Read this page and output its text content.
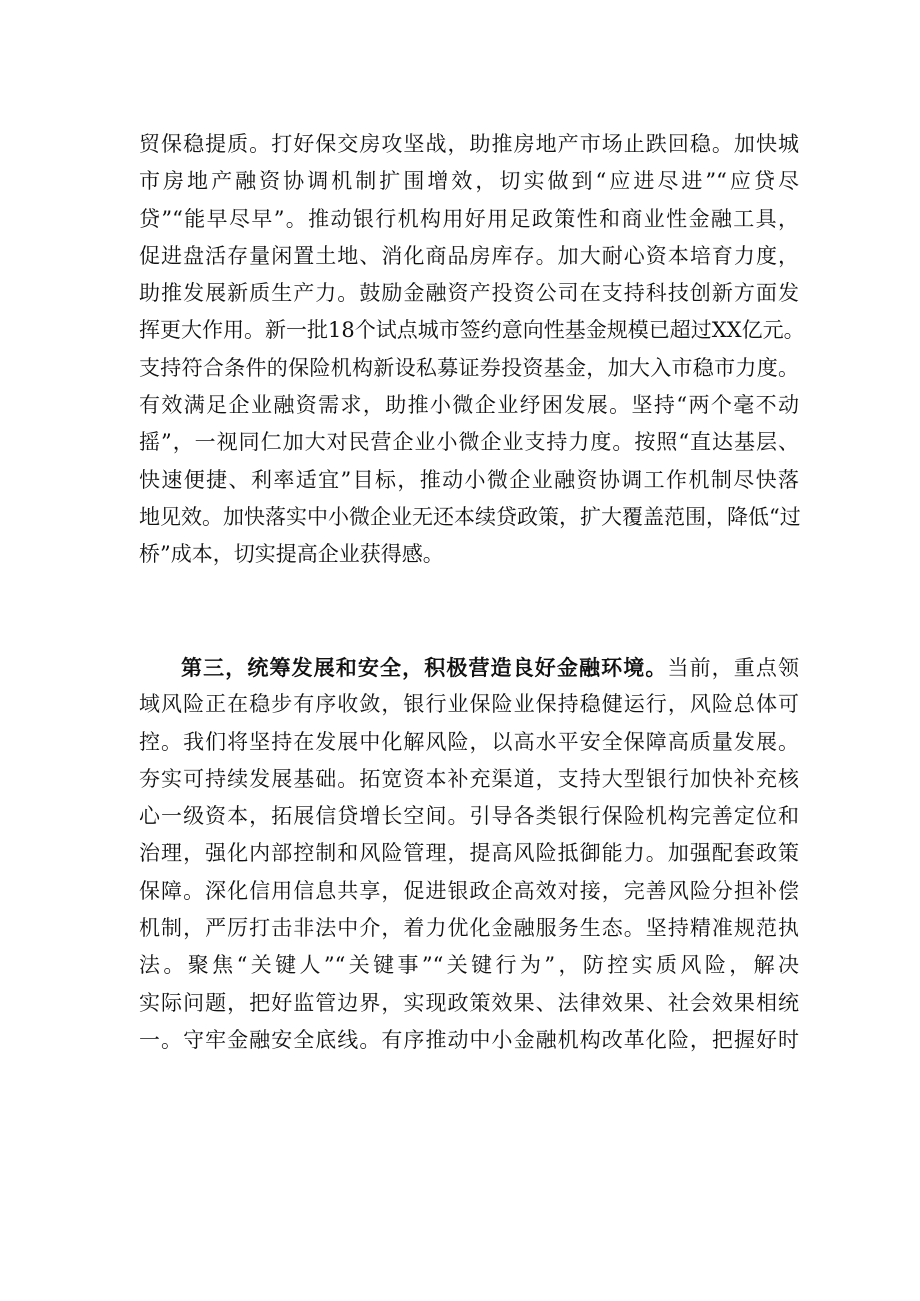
贸保稳提质。打好保交房攻坚战，助推房地产市场止跌回稳。加快城
市房地产融资协调机制扩围增效，切实做到“应进尽进”“应贷尽
贷”“能早尽早”。推动银行机构用好用足政策性和商业性金融工具，
促进盘活存量闲置土地、消化商品房库存。加大耐心资本培育力度，
助推发展新质生产力。鼓励金融资产投资公司在支持科技创新方面发
挥更大作用。新一批18个试点城市签约意向性基金规模已超过XX亿元。
支持符合条件的保险机构新设私募证券投资基金，加大入市稳市力度。
有效满足企业融资需求，助推小微企业纾困发展。坚持“两个毫不动
摇”，一视同仁加大对民营企业小微企业支持力度。按照“直达基层、
快速便捷、利率适宜”目标，推动小微企业融资协调工作机制尽快落
地见效。加快落实中小微企业无还本续贷政策，扩大覆盖范围，降低“过
桥”成本，切实提高企业获得感。
第三，统筹发展和安全，积极营造良好金融环境。当前，重点领
域风险正在稳步有序收敛，银行业保险业保持稳健运行，风险总体可
控。我们将坚持在发展中化解风险，以高水平安全保障高质量发展。
夯实可持续发展基础。拓宽资本补充渠道，支持大型银行加快补充核
心一级资本，拓展信贷增长空间。引导各类银行保险机构完善定位和
治理，强化内部控制和风险管理，提高风险抵御能力。加强配套政策
保障。深化信用信息共享，促进银政企高效对接，完善风险分担补偿
机制，严厉打击非法中介，着力优化金融服务生态。坚持精准规范执
法。聚焦“关键人”“关键事”“关键行为”，防控实质风险，解决
实际问题，把好监管边界，实现政策效果、法律效果、社会效果相统
一。守牢金融安全底线。有序推动中小金融机构改革化险，把握好时
